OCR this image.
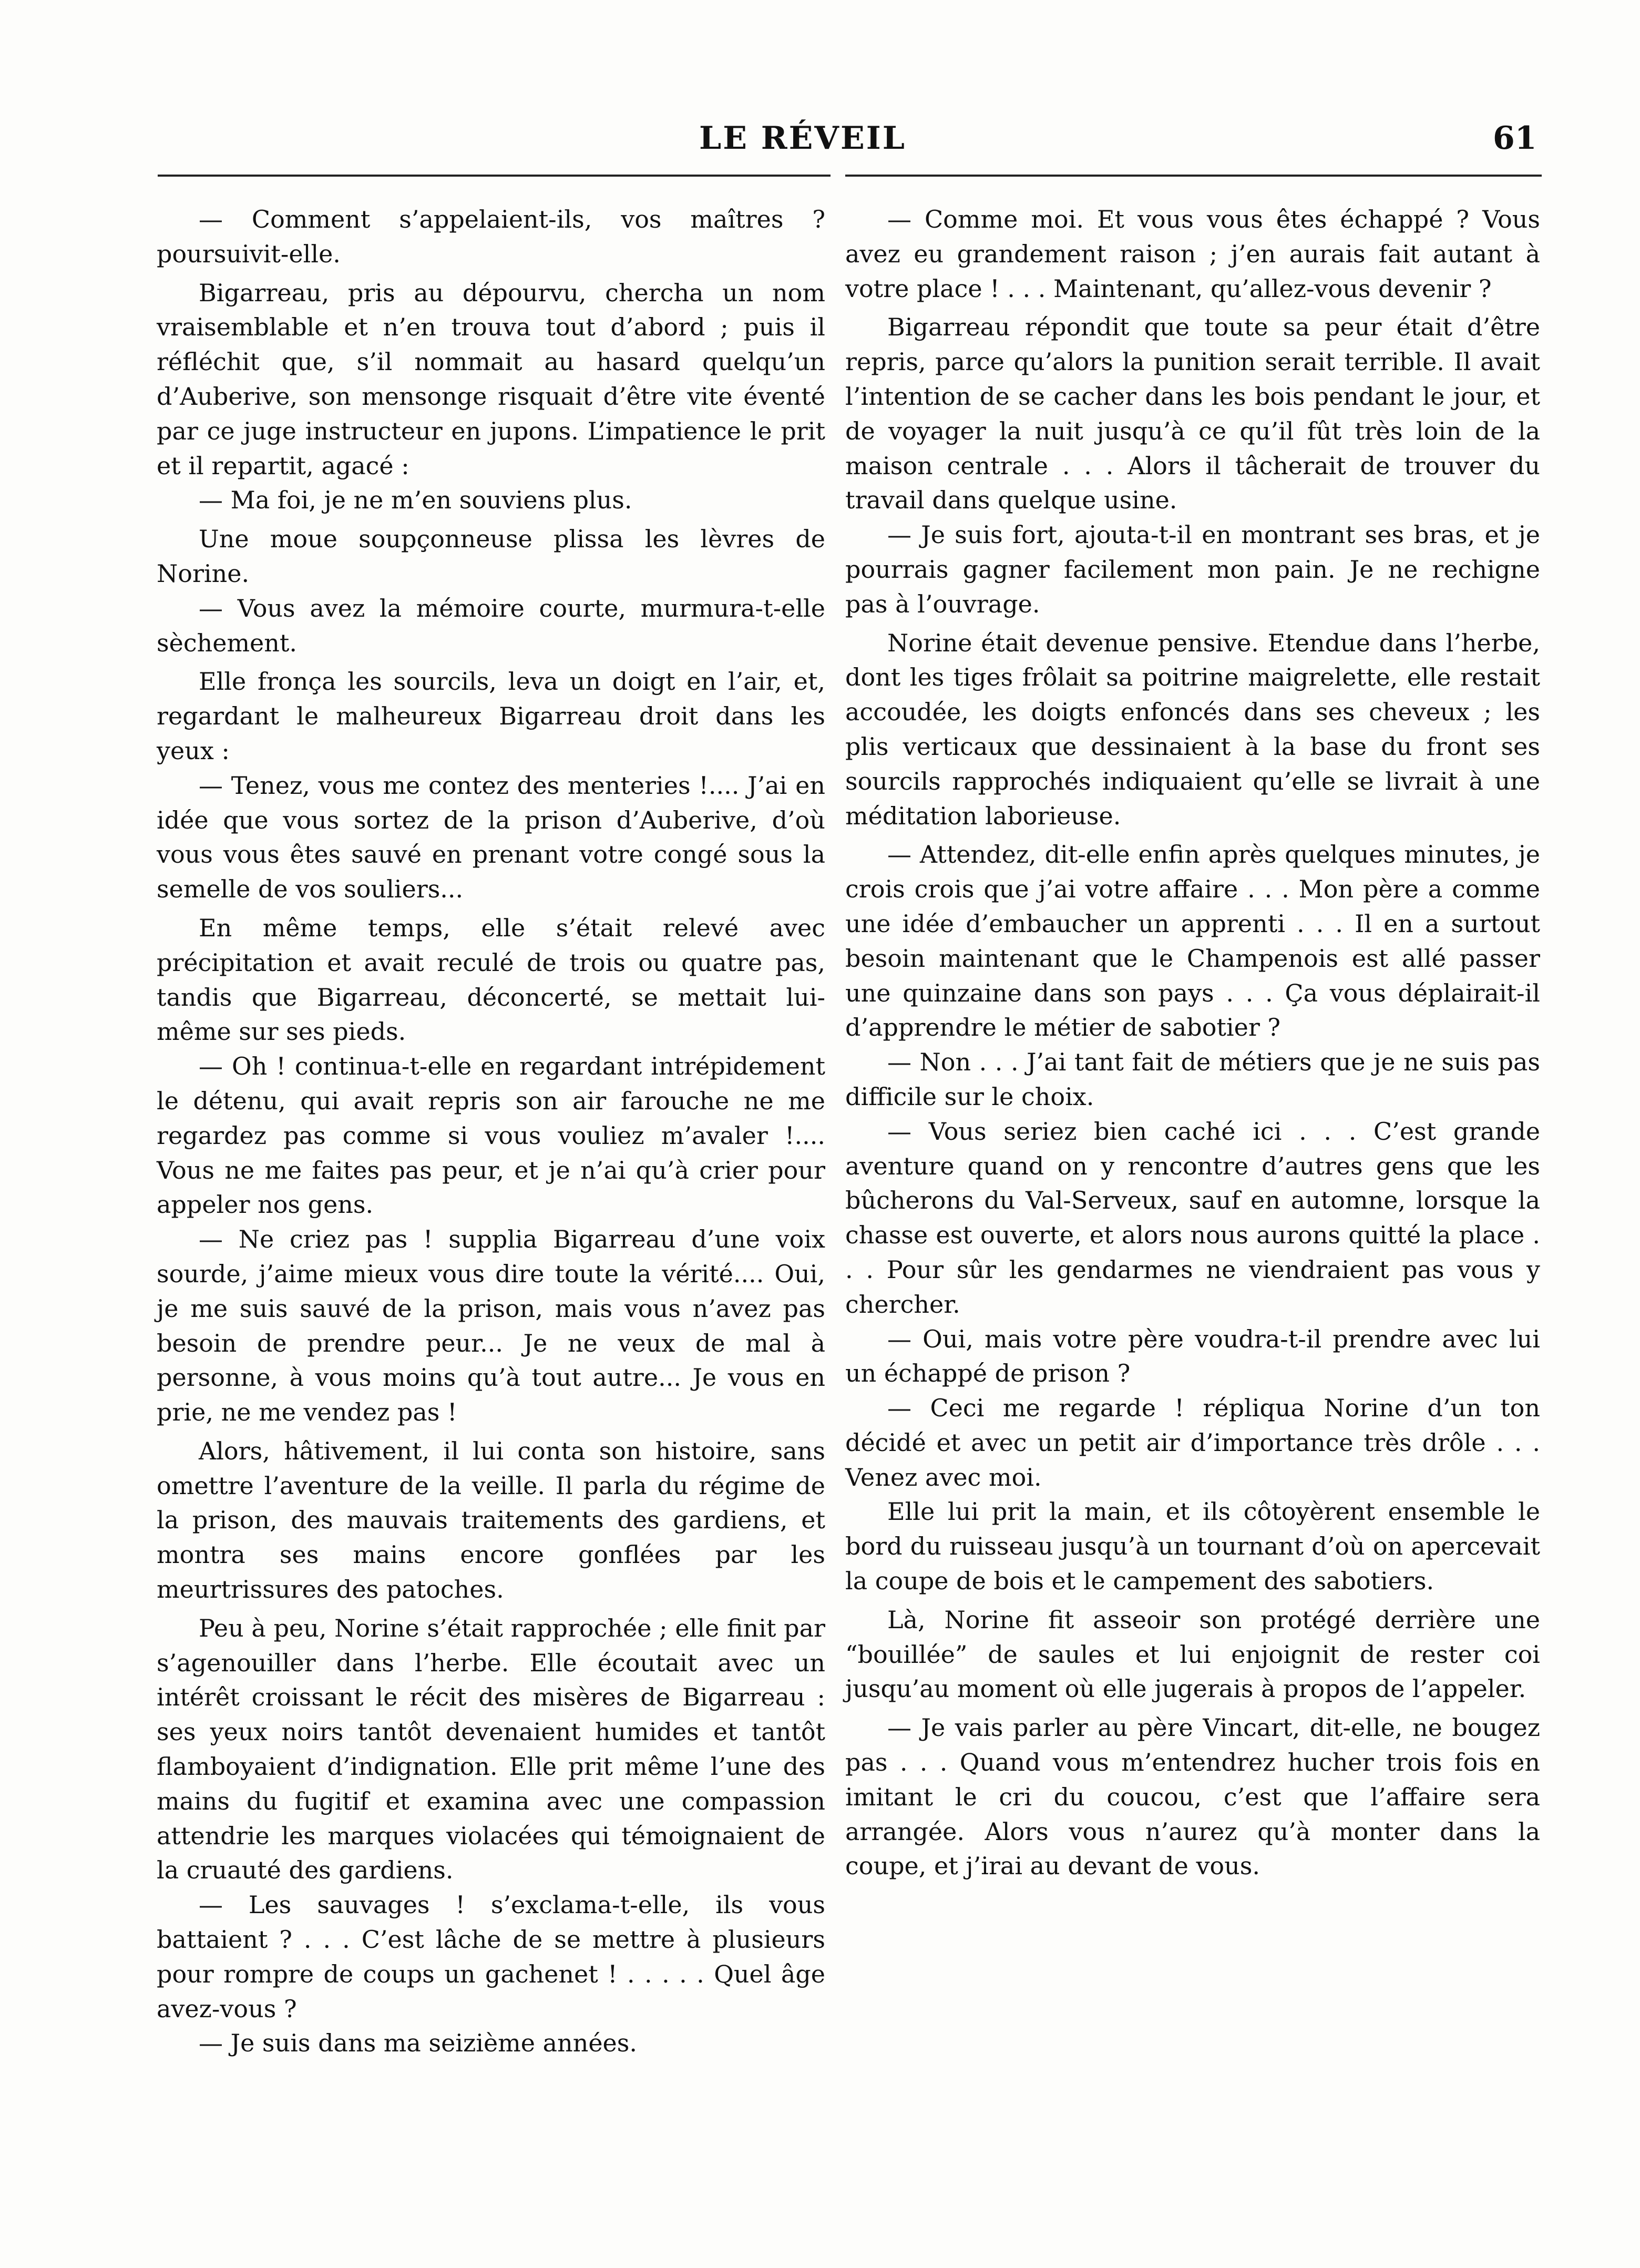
LE RÉVEIL	61

— Comment s’appelaient-ils, vos maîtres ? poursuivit-elle.

Bigarreau, pris au dépourvu, chercha un nom vraisemblable et n’en trouva tout d’abord ; puis il réfléchit que, s’il nommait au hasard quelqu’un d’Auberive, son mensonge risquait d’être vite éventé par ce juge instructeur en jupons. L’impatience le prit et il repartit, agacé :

— Ma foi, je ne m’en souviens plus.

Une moue soupçonneuse plissa les lèvres de Norine.

— Vous avez la mémoire courte, murmura-t-elle sèchement.

Elle fronça les sourcils, leva un doigt en l’air, et, regardant le malheureux Bigarreau droit dans les yeux :

— Tenez, vous me contez des menteries !.... J’ai en idée que vous sortez de la prison d’Auberive, d’où vous vous êtes sauvé en prenant votre congé sous la semelle de vos souliers...

En même temps, elle s’était relevé avec précipitation et avait reculé de trois ou quatre pas, tandis que Bigarreau, déconcerté, se mettait lui-même sur ses pieds.

— Oh ! continua-t-elle en regardant intrépidement le détenu, qui avait repris son air farouche ne me regardez pas comme si vous vouliez m’avaler !.... Vous ne me faites pas peur, et je n’ai qu’à crier pour appeler nos gens.

— Ne criez pas ! supplia Bigarreau d’une voix sourde, j’aime mieux vous dire toute la vérité.... Oui, je me suis sauvé de la prison, mais vous n’avez pas besoin de prendre peur... Je ne veux de mal à personne, à vous moins qu’à tout autre... Je vous en prie, ne me vendez pas !

Alors, hâtivement, il lui conta son histoire, sans omettre l’aventure de la veille. Il parla du régime de la prison, des mauvais traitements des gardiens, et montra ses mains encore gonflées par les meurtrissures des patoches.

Peu à peu, Norine s’était rapprochée ; elle finit par s’agenouiller dans l’herbe. Elle écoutait avec un intérêt croissant le récit des misères de Bigarreau : ses yeux noirs tantôt devenaient humides et tantôt flamboyaient d’indignation. Elle prit même l’une des mains du fugitif et examina avec une compassion attendrie les marques violacées qui témoignaient de la cruauté des gardiens.

— Les sauvages ! s’exclama-t-elle, ils vous battaient ? . . . C’est lâche de se mettre à plusieurs pour rompre de coups un gachenet ! . . . . . Quel âge avez-vous ?

— Je suis dans ma seizième années.

— Comme moi. Et vous vous êtes échappé ? Vous avez eu grandement raison ; j’en aurais fait autant à votre place ! . . . Maintenant, qu’allez-vous devenir ?

Bigarreau répondit que toute sa peur était d’être repris, parce qu’alors la punition serait terrible. Il avait l’intention de se cacher dans les bois pendant le jour, et de voyager la nuit jusqu’à ce qu’il fût très loin de la maison centrale . . . Alors il tâcherait de trouver du travail dans quelque usine.

— Je suis fort, ajouta-t-il en montrant ses bras, et je pourrais gagner facilement mon pain. Je ne rechigne pas à l’ouvrage.

Norine était devenue pensive. Etendue dans l’herbe, dont les tiges frôlait sa poitrine maigrelette, elle restait accoudée, les doigts enfoncés dans ses cheveux ; les plis verticaux que dessinaient à la base du front ses sourcils rapprochés indiquaient qu’elle se livrait à une méditation laborieuse.

— Attendez, dit-elle enfin après quelques minutes, je crois crois que j’ai votre affaire . . . Mon père a comme une idée d’embaucher un apprenti . . . Il en a surtout besoin maintenant que le Champenois est allé passer une quinzaine dans son pays . . . Ça vous déplairait-il d’apprendre le métier de sabotier ?

— Non . . . J’ai tant fait de métiers que je ne suis pas difficile sur le choix.

— Vous seriez bien caché ici . . . C’est grande aventure quand on y rencontre d’autres gens que les bûcherons du Val-Serveux, sauf en automne, lorsque la chasse est ouverte, et alors nous aurons quitté la place . . . Pour sûr les gendarmes ne viendraient pas vous y chercher.

— Oui, mais votre père voudra-t-il prendre avec lui un échappé de prison ?

— Ceci me regarde ! répliqua Norine d’un ton décidé et avec un petit air d’importance très drôle . . . Venez avec moi.

Elle lui prit la main, et ils côtoyèrent ensemble le bord du ruisseau jusqu’à un tournant d’où on apercevait la coupe de bois et le campement des sabotiers.

Là, Norine fit asseoir son protégé derrière une “bouillée” de saules et lui enjoignit de rester coi jusqu’au moment où elle jugerais à propos de l’appeler.

— Je vais parler au père Vincart, dit-elle, ne bougez pas . . . Quand vous m’entendrez hucher trois fois en imitant le cri du coucou, c’est que l’affaire sera arrangée. Alors vous n’aurez qu’à monter dans la coupe, et j’irai au devant de vous.
